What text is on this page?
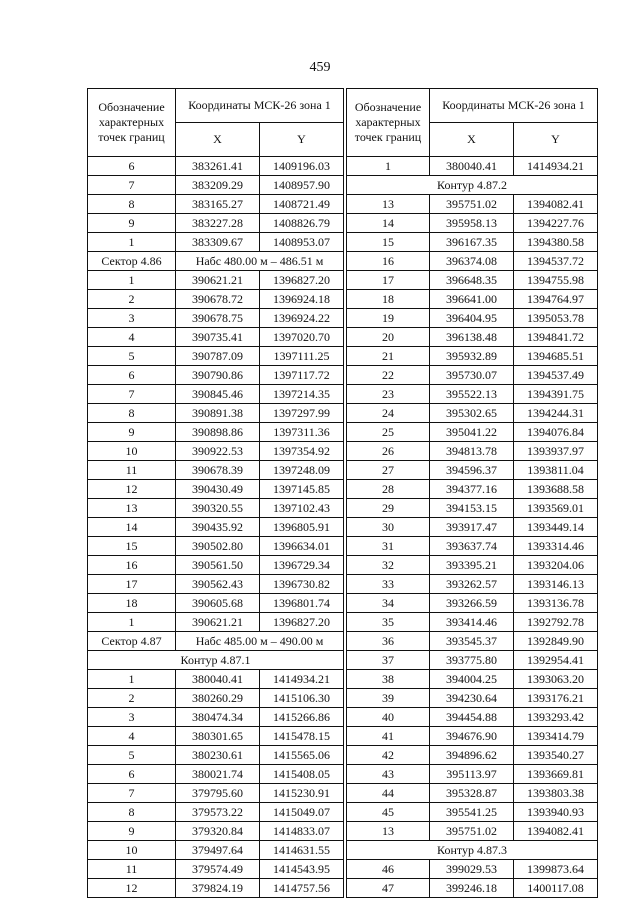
459
Обозначение характерных точек границ	Координаты МСК-26 зона 1	
	X	Y
6	383261.41	1409196.03
7	383209.29	1408957.90
8	383165.27	1408721.49
9	383227.28	1408826.79
1	383309.67	1408953.07
Сектор 4.86	Набс 480.00 м – 486.51 м	
1	390621.21	1396827.20
2	390678.72	1396924.18
3	390678.75	1396924.22
4	390735.41	1397020.70
5	390787.09	1397111.25
6	390790.86	1397117.72
7	390845.46	1397214.35
8	390891.38	1397297.99
9	390898.86	1397311.36
10	390922.53	1397354.92
11	390678.39	1397248.09
12	390430.49	1397145.85
13	390320.55	1397102.43
14	390435.92	1396805.91
15	390502.80	1396634.01
16	390561.50	1396729.34
17	390562.43	1396730.82
18	390605.68	1396801.74
1	390621.21	1396827.20
Сектор 4.87	Набс 485.00 м – 490.00 м	
Контур 4.87.1		
1	380040.41	1414934.21
2	380260.29	1415106.30
3	380474.34	1415266.86
4	380301.65	1415478.15
5	380230.61	1415565.06
6	380021.74	1415408.05
7	379795.60	1415230.91
8	379573.22	1415049.07
9	379320.84	1414833.07
10	379497.64	1414631.55
11	379574.49	1414543.95
12	379824.19	1414757.56
Обозначение характерных точек границ	Координаты МСК-26 зона 1	
	X	Y
1	380040.41	1414934.21
Контур 4.87.2		
13	395751.02	1394082.41
14	395958.13	1394227.76
15	396167.35	1394380.58
16	396374.08	1394537.72
17	396648.35	1394755.98
18	396641.00	1394764.97
19	396404.95	1395053.78
20	396138.48	1394841.72
21	395932.89	1394685.51
22	395730.07	1394537.49
23	395522.13	1394391.75
24	395302.65	1394244.31
25	395041.22	1394076.84
26	394813.78	1393937.97
27	394596.37	1393811.04
28	394377.16	1393688.58
29	394153.15	1393569.01
30	393917.47	1393449.14
31	393637.74	1393314.46
32	393395.21	1393204.06
33	393262.57	1393146.13
34	393266.59	1393136.78
35	393414.46	1392792.78
36	393545.37	1392849.90
37	393775.80	1392954.41
38	394004.25	1393063.20
39	394230.64	1393176.21
40	394454.88	1393293.42
41	394676.90	1393414.79
42	394896.62	1393540.27
43	395113.97	1393669.81
44	395328.87	1393803.38
45	395541.25	1393940.93
13	395751.02	1394082.41
Контур 4.87.3		
46	399029.53	1399873.64
47	399246.18	1400117.08
